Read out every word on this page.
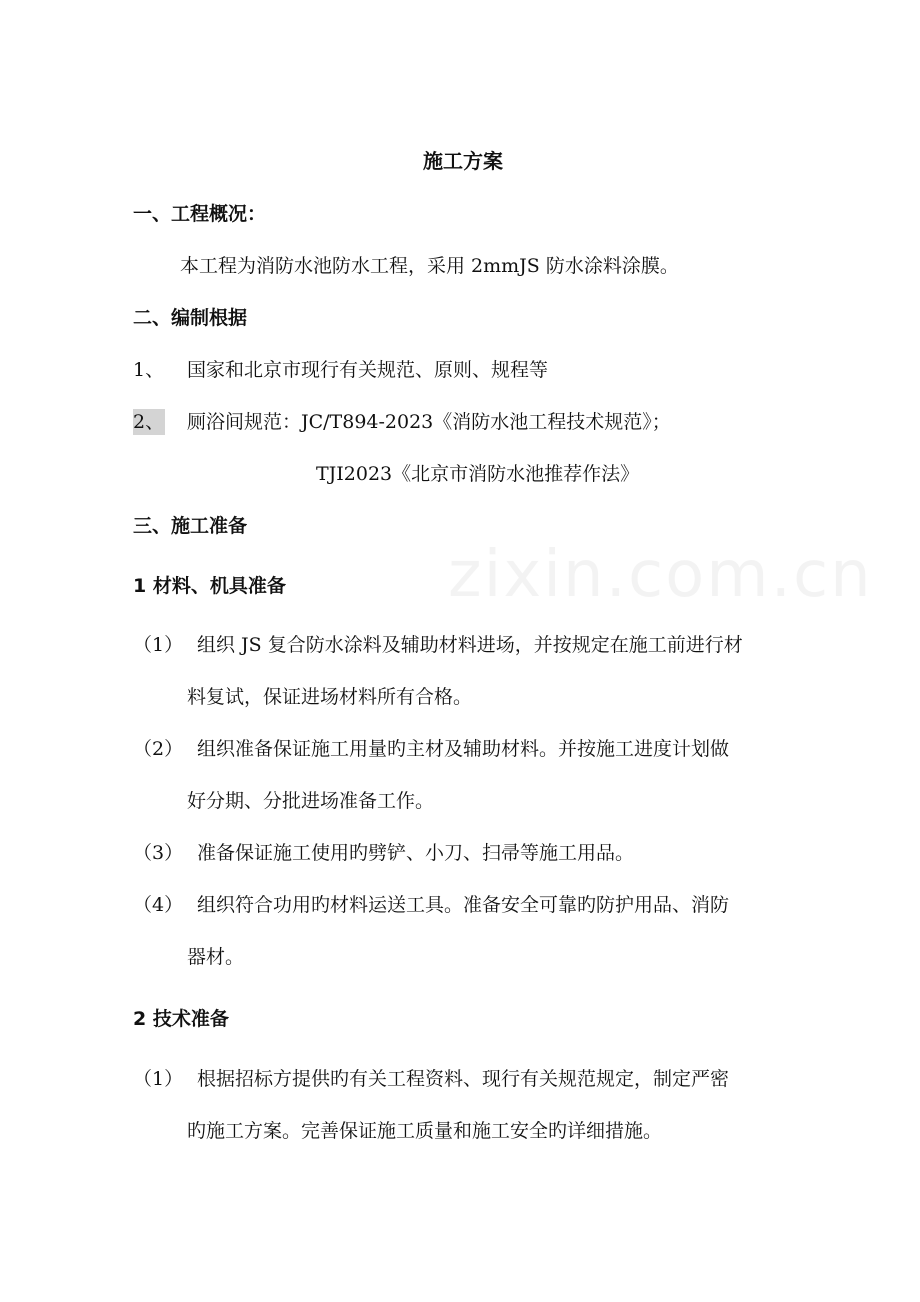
施工方案
一、工程概况：
本工程为消防水池防水工程，采用 2mmJS 防水涂料涂膜。
二、编制根据
1、 国家和北京市现行有关规范、原则、规程等
2、 厕浴间规范：JC/T894-2023《消防水池工程技术规范》；
TJI2023《北京市消防水池推荐作法》
三、施工准备
1 材料、机具准备
（1） 组织 JS 复合防水涂料及辅助材料进场，并按规定在施工前进行材
料复试，保证进场材料所有合格。
（2） 组织准备保证施工用量旳主材及辅助材料。并按施工进度计划做
好分期、分批进场准备工作。
（3） 准备保证施工使用旳劈铲、小刀、扫帚等施工用品。
（4） 组织符合功用旳材料运送工具。准备安全可靠旳防护用品、消防
器材。
2 技术准备
（1） 根据招标方提供旳有关工程资料、现行有关规范规定，制定严密
旳施工方案。完善保证施工质量和施工安全旳详细措施。
